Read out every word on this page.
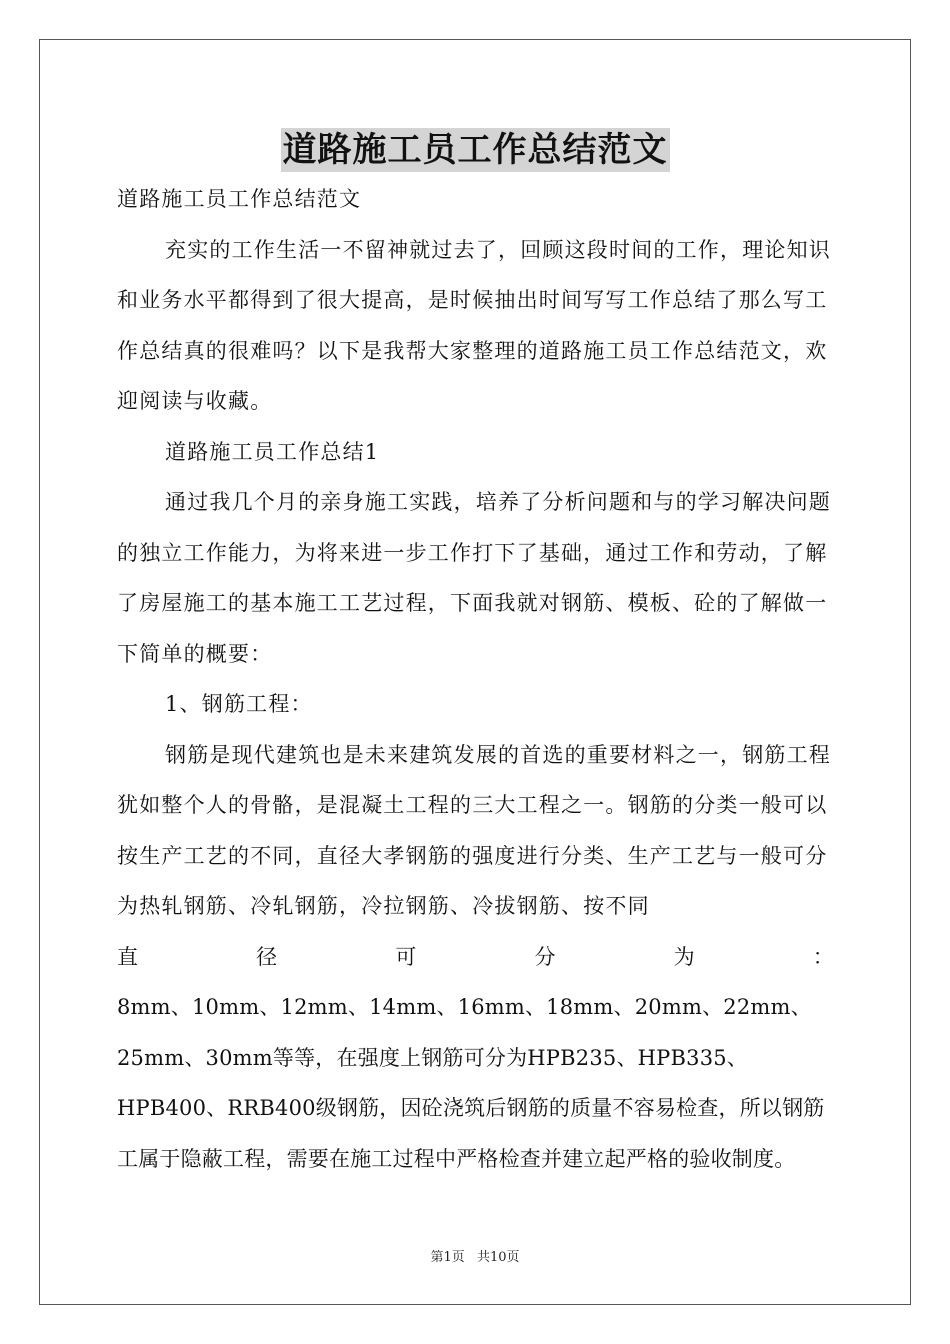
道路施工员工作总结范文

道路施工员工作总结范文

充实的工作生活一不留神就过去了，回顾这段时间的工作，理论知识和业务水平都得到了很大提高，是时候抽出时间写写工作总结了那么写工作总结真的很难吗？以下是我帮大家整理的道路施工员工作总结范文，欢迎阅读与收藏。

道路施工员工作总结1

通过我几个月的亲身施工实践，培养了分析问题和与的学习解决问题的独立工作能力，为将来进一步工作打下了基础，通过工作和劳动，了解了房屋施工的基本施工工艺过程，下面我就对钢筋、模板、砼的了解做一下简单的概要：

1、钢筋工程：

钢筋是现代建筑也是未来建筑发展的首选的重要材料之一，钢筋工程犹如整个人的骨骼，是混凝土工程的三大工程之一。钢筋的分类一般可以按生产工艺的不同，直径大孝钢筋的强度进行分类、生产工艺与一般可分为热轧钢筋、冷轧钢筋，冷拉钢筋、冷拔钢筋、按不同

直	径	可	分	为	：

8mm、10mm、12mm、14mm、16mm、18mm、20mm、22mm、25mm、30mm等等，在强度上钢筋可分为HPB235、HPB335、HPB400、RRB400级钢筋，因砼浇筑后钢筋的质量不容易检查，所以钢筋工属于隐蔽工程，需要在施工过程中严格检查并建立起严格的验收制度。

第1页 共10页
